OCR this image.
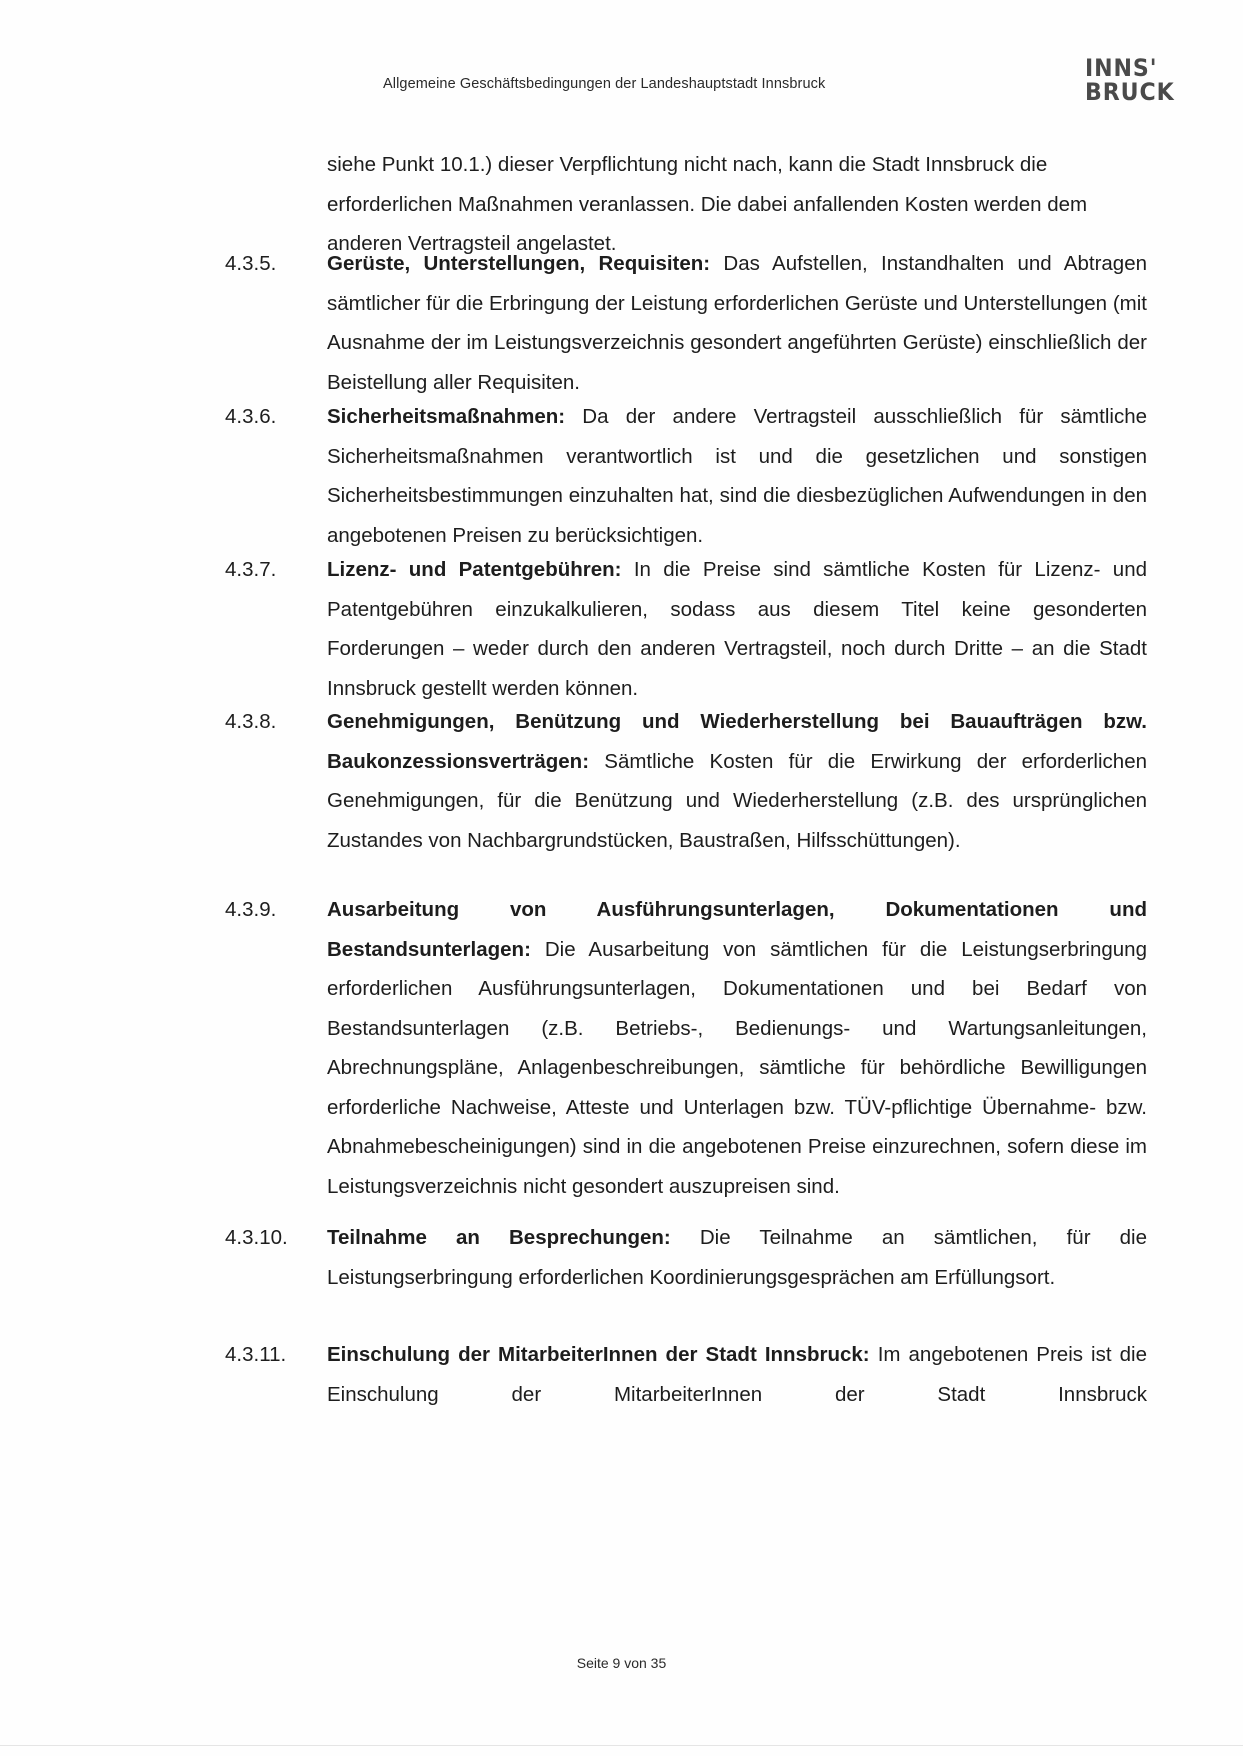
Allgemeine Geschäftsbedingungen der Landeshauptstadt Innsbruck
INNS'
BRUCK
siehe Punkt 10.1.) dieser Verpflichtung nicht nach, kann die Stadt Innsbruck die erforderlichen Maßnahmen veranlassen. Die dabei anfallenden Kosten werden dem anderen Vertragsteil angelastet.
4.3.5.	Gerüste, Unterstellungen, Requisiten: Das Aufstellen, Instandhalten und Abtragen sämtlicher für die Erbringung der Leistung erforderlichen Gerüste und Unterstellungen (mit Ausnahme der im Leistungsverzeichnis gesondert angeführten Gerüste) einschließlich der Beistellung aller Requisiten.
4.3.6.	Sicherheitsmaßnahmen: Da der andere Vertragsteil ausschließlich für sämtliche Sicherheitsmaßnahmen verantwortlich ist und die gesetzlichen und sonstigen Sicherheitsbestimmungen einzuhalten hat, sind die diesbezüglichen Aufwendungen in den angebotenen Preisen zu berücksichtigen.
4.3.7.	Lizenz- und Patentgebühren: In die Preise sind sämtliche Kosten für Lizenz- und Patentgebühren einzukalkulieren, sodass aus diesem Titel keine gesonderten Forderungen – weder durch den anderen Vertragsteil, noch durch Dritte – an die Stadt Innsbruck gestellt werden können.
4.3.8.	Genehmigungen, Benützung und Wiederherstellung bei Bauaufträgen bzw. Baukonzessionsverträgen: Sämtliche Kosten für die Erwirkung der erforderlichen Genehmigungen, für die Benützung und Wiederherstellung (z.B. des ursprünglichen Zustandes von Nachbargrundstücken, Baustraßen, Hilfsschüttungen).
4.3.9.	Ausarbeitung von Ausführungsunterlagen, Dokumentationen und Bestandsunterlagen: Die Ausarbeitung von sämtlichen für die Leistungserbringung erforderlichen Ausführungsunterlagen, Dokumentationen und bei Bedarf von Bestandsunterlagen (z.B. Betriebs-, Bedienungs- und Wartungsanleitungen, Abrechnungspläne, Anlagenbeschreibungen, sämtliche für behördliche Bewilligungen erforderliche Nachweise, Atteste und Unterlagen bzw. TÜV-pflichtige Übernahme- bzw. Abnahmebescheinigungen) sind in die angebotenen Preise einzurechnen, sofern diese im Leistungsverzeichnis nicht gesondert auszupreisen sind.
4.3.10.	Teilnahme an Besprechungen: Die Teilnahme an sämtlichen, für die Leistungserbringung erforderlichen Koordinierungsgesprächen am Erfüllungsort.
4.3.11.	Einschulung der MitarbeiterInnen der Stadt Innsbruck: Im angebotenen Preis ist die Einschulung der MitarbeiterInnen der Stadt Innsbruck
Seite 9 von 35
